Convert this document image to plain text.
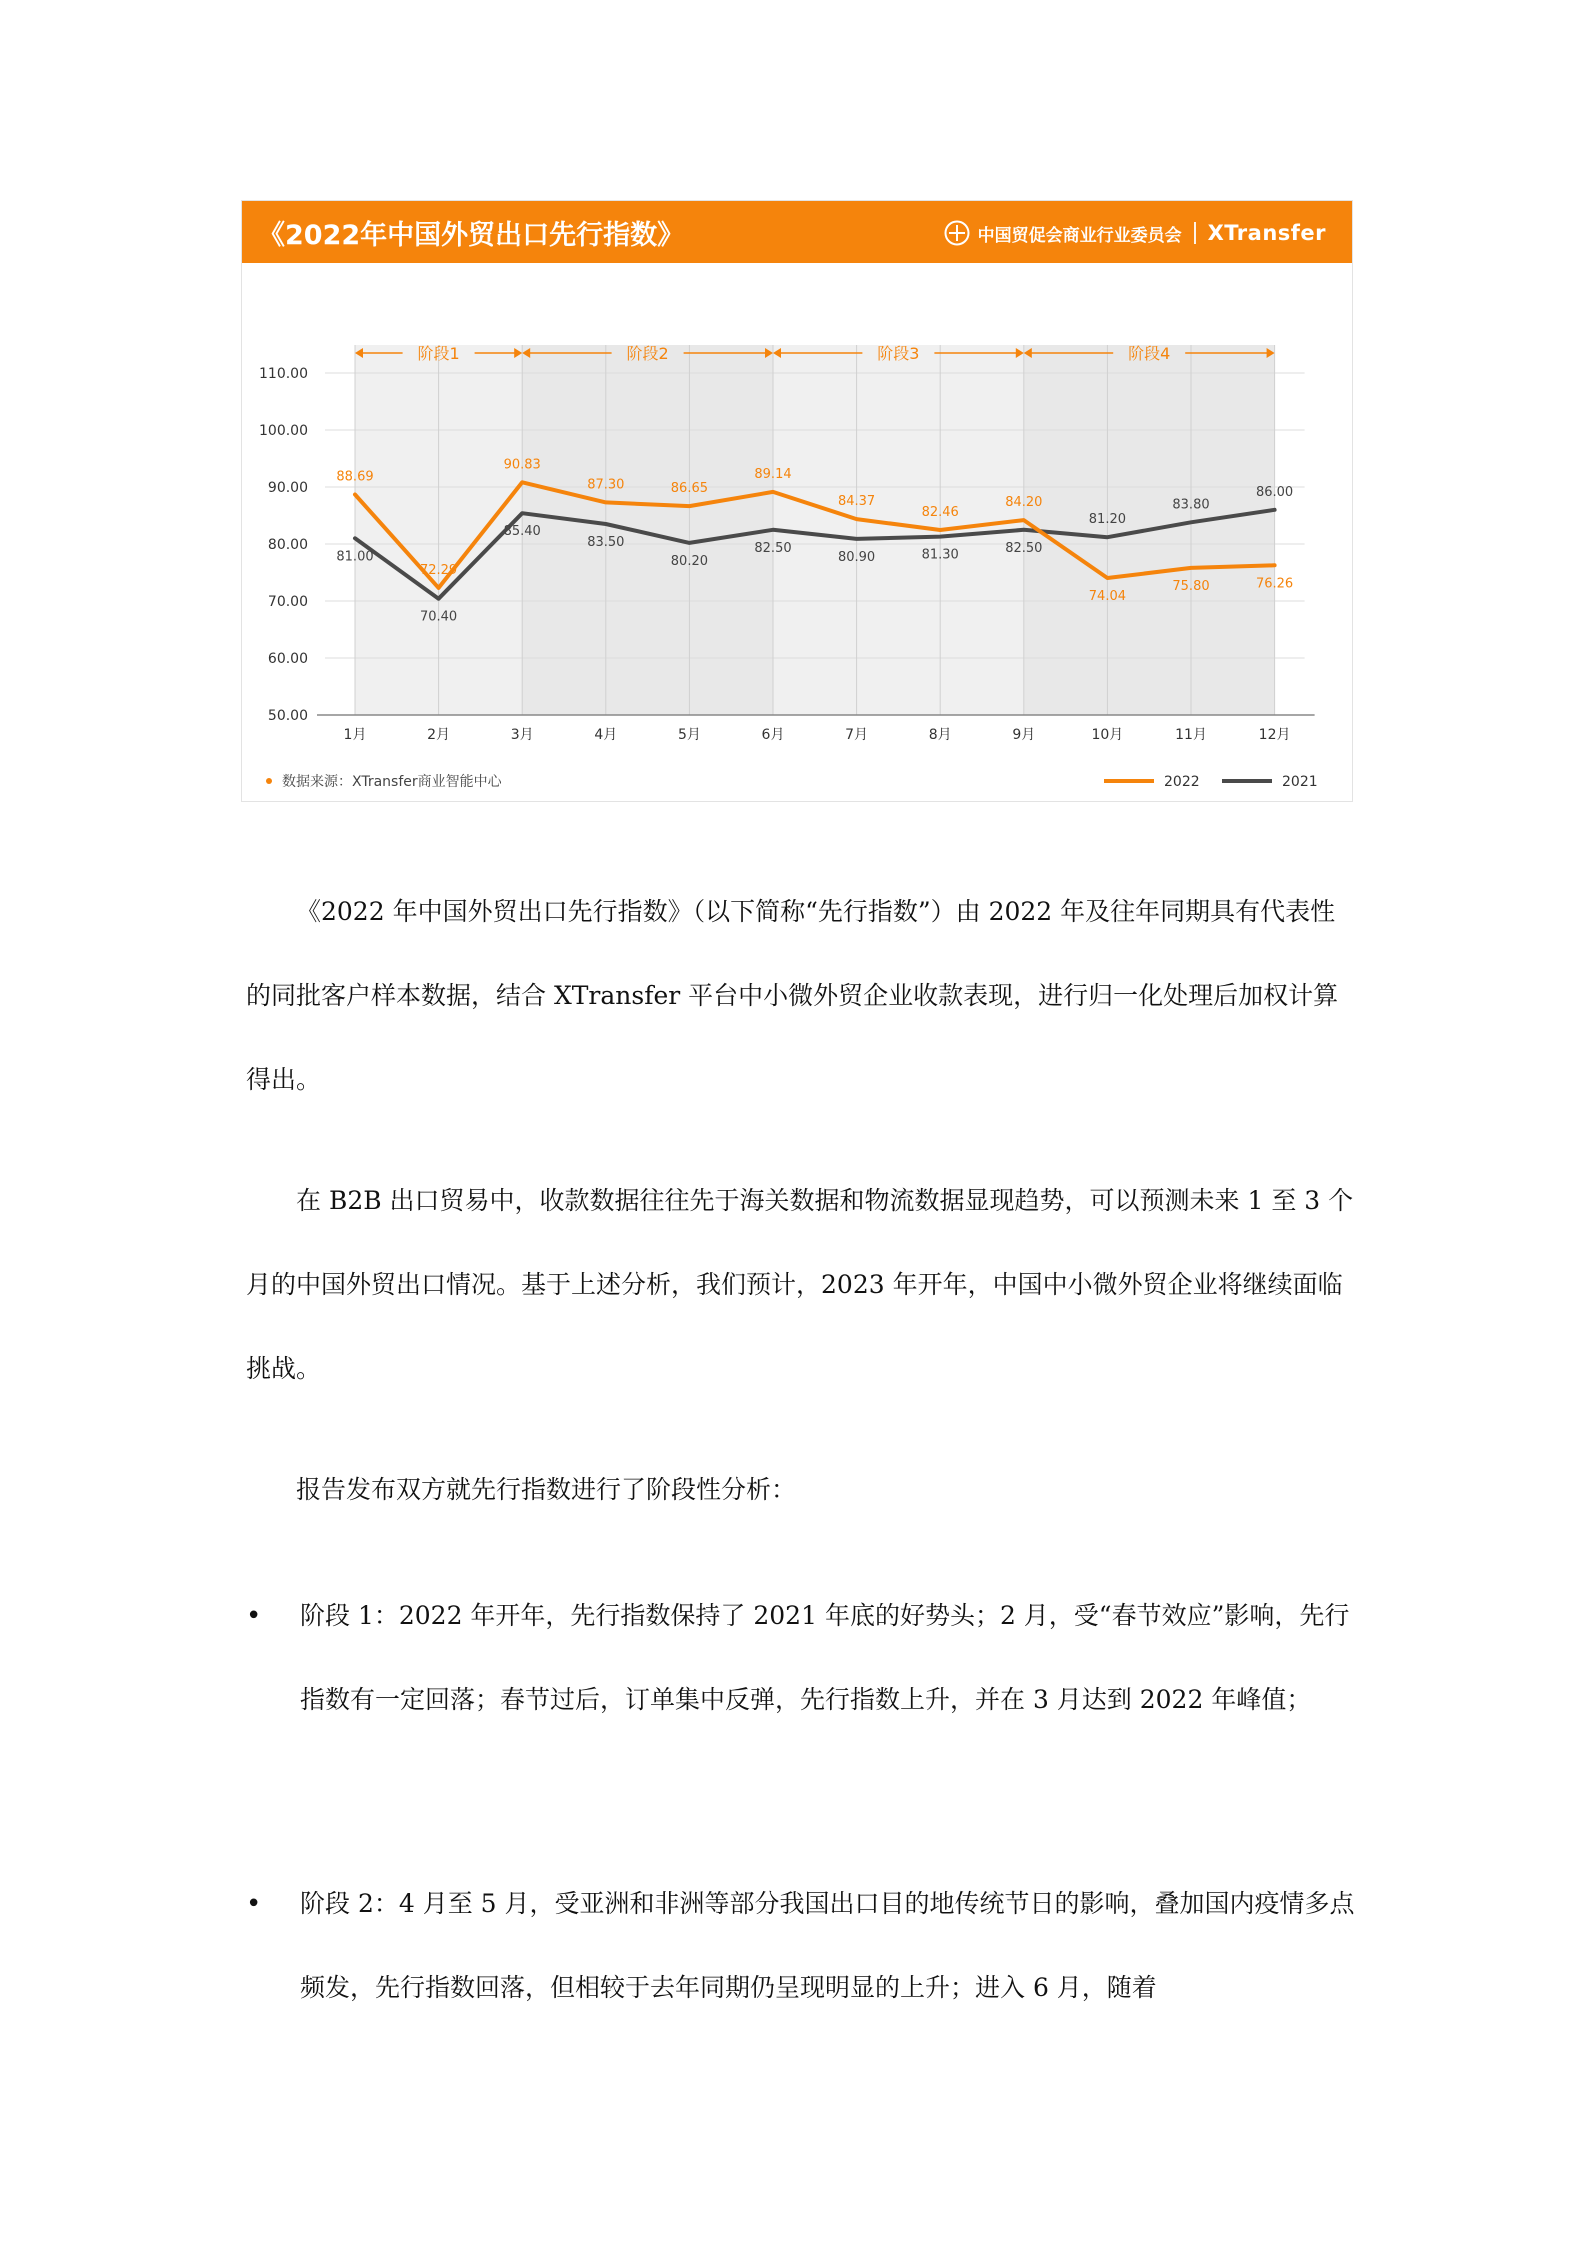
《2022年中国外贸出口先行指数》	中国贸促会商业行业委员会 XTransfer
50.00
60.00
70.00
80.00
90.00
100.00
110.00
1月	2月	3月	4月	5月	6月	7月	8月	9月	10月	11月	12月
阶段1	阶段2	阶段3	阶段4
88.69
72.29
90.83
87.30	86.65
89.14
84.37
82.46
84.20
74.04
75.80	76.26
81.00
70.40
85.40
83.50
80.20
82.50
80.90	81.30	82.50
81.20
83.80
86.00
数据来源：XTransfer商业智能中心	2022	2021

《2022 年中国外贸出口先行指数》（以下简称“先行指数”）由 2022 年及往年同期具有代表性的同批客户样本数据，结合 XTransfer 平台中小微外贸企业收款表现，进行归一化处理后加权计算得出。

在 B2B 出口贸易中，收款数据往往先于海关数据和物流数据显现趋势，可以预测未来 1 至 3 个月的中国外贸出口情况。基于上述分析，我们预计，2023 年开年，中国中小微外贸企业将继续面临挑战。

报告发布双方就先行指数进行了阶段性分析：

• 阶段 1：2022 年开年，先行指数保持了 2021 年底的好势头；2 月，受“春节效应”影响，先行指数有一定回落；春节过后，订单集中反弹，先行指数上升，并在 3 月达到 2022 年峰值；

• 阶段 2：4 月至 5 月，受亚洲和非洲等部分我国出口目的地传统节日的影响，叠加国内疫情多点频发，先行指数回落，但相较于去年同期仍呈现明显的上升；进入 6 月，随着
